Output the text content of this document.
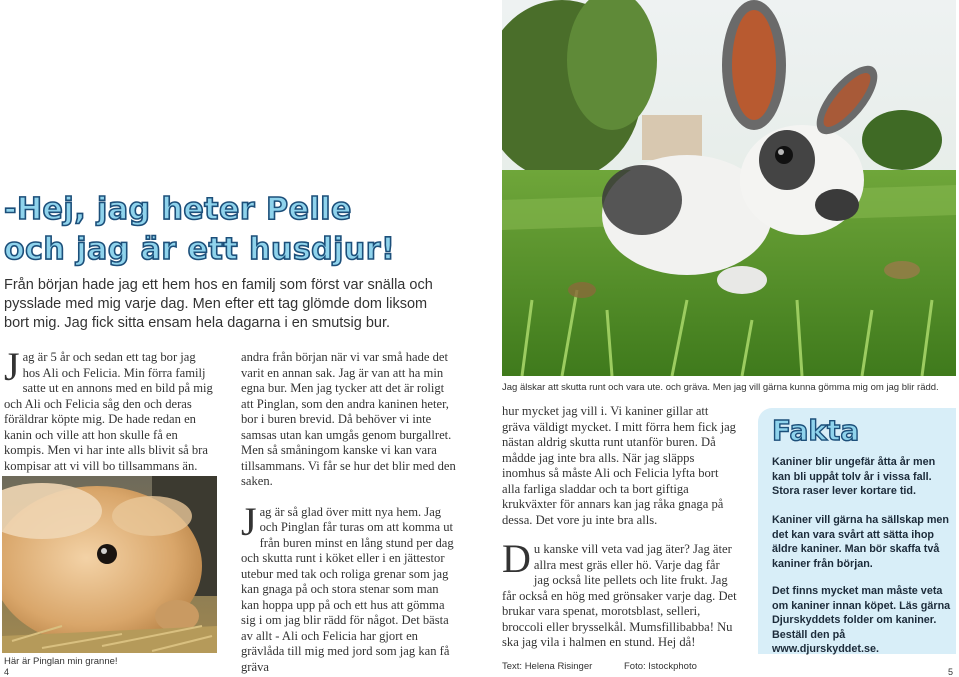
-Hej, jag heter Pelle
och jag är ett husdjur!
Från början hade jag ett hem hos en familj som först var snälla och pysslade med mig varje dag. Men efter ett tag glömde dom liksom bort mig. Jag fick sitta ensam hela dagarna i en smutsig bur.
J ag är 5 år och sedan ett tag bor jag hos Ali och Felicia. Min förra familj satte ut en annons med en bild på mig och Ali och Felicia såg den och deras föräldrar köpte mig. De hade redan en kanin och ville att hon skulle få en kompis. Men vi har inte alls blivit så bra kompisar att vi vill bo tillsammans än.
Här är Pinglan min granne!
4
andra från början när vi var små hade det varit en annan sak. Jag är van att ha min egna bur. Men jag tycker att det är roligt att Pinglan, som den andra kaninen heter, bor i buren brevid. Då behöver vi inte samsas utan kan umgås genom burgallret. Men så småningom kanske vi kan vara tillsammans. Vi får se hur det blir med den saken.
J ag är så glad över mitt nya hem. Jag och Pinglan får turas om att komma ut från buren minst en lång stund per dag och skutta runt i köket eller i en jättestor utebur med tak och roliga grenar som jag kan gnaga på och stora stenar som man kan hoppa upp på och ett hus att gömma sig i om jag blir rädd för något. Det bästa av allt - Ali och Felicia har gjort en grävlåda till mig med jord som jag kan få gräva
Jag älskar att skutta runt och vara ute. och gräva. Men jag vill gärna kunna gömma mig om jag blir rädd.
hur mycket jag vill i. Vi kaniner gillar att gräva väldigt mycket. I mitt förra hem fick jag nästan aldrig skutta runt utanför buren. Då mådde jag inte bra alls. När jag släpps inomhus så måste Ali och Felicia lyfta bort alla farliga sladdar och ta bort giftiga krukväxter för annars kan jag råka gnaga på dessa. Det vore ju inte bra alls.
D u kanske vill veta vad jag äter? Jag äter allra mest gräs eller hö. Varje dag får jag också lite pellets och lite frukt. Jag får också en hög med grönsaker varje dag. Det brukar vara spenat, morotsblast, selleri, broccoli eller brysselkål. Mumsfillibabba! Nu ska jag vila i halmen en stund. Hej då!
Text: Helena Risinger	Foto: Istockphoto
Fakta
Kaniner blir ungefär åtta år men kan bli uppåt tolv år i vissa fall. Stora raser lever kortare tid.
Kaniner vill gärna ha sällskap men det kan vara svårt att sätta ihop äldre kaniner. Man bör skaffa två kaniner från början.
Det finns mycket man måste veta om kaniner innan köpet. Läs gärna Djurskyddets folder om kaniner. Beställ den på www.djurskyddet.se.
5
